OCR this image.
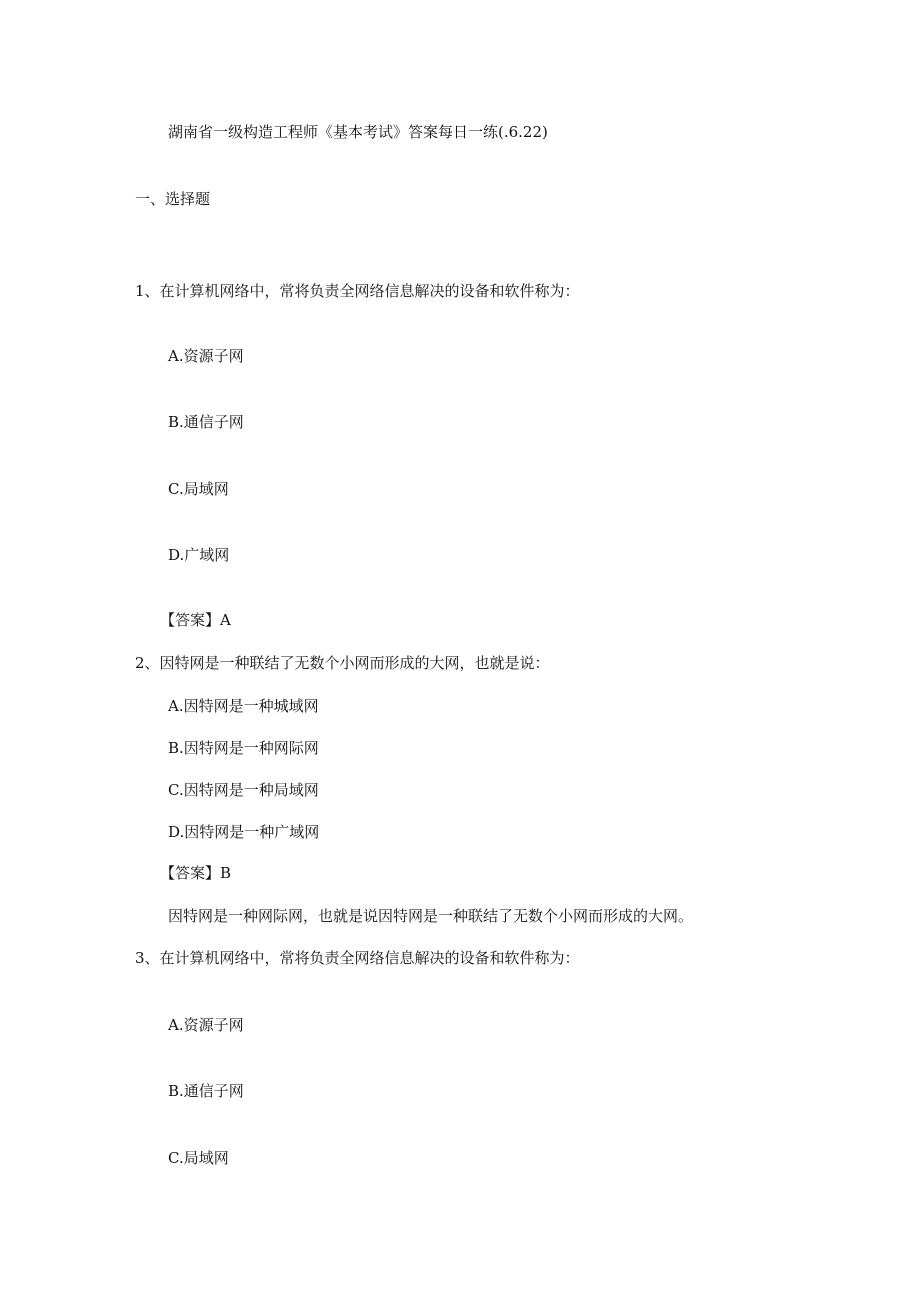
湖南省一级构造工程师《基本考试》答案每日一练(.6.22)
一、选择题
1、在计算机网络中，常将负责全网络信息解决的设备和软件称为：
A.资源子网
B.通信子网
C.局域网
D.广域网
【答案】A
2、因特网是一种联结了无数个小网而形成的大网，也就是说：
A.因特网是一种城域网
B.因特网是一种网际网
C.因特网是一种局域网
D.因特网是一种广域网
【答案】B
因特网是一种网际网，也就是说因特网是一种联结了无数个小网而形成的大网。
3、在计算机网络中，常将负责全网络信息解决的设备和软件称为：
A.资源子网
B.通信子网
C.局域网
